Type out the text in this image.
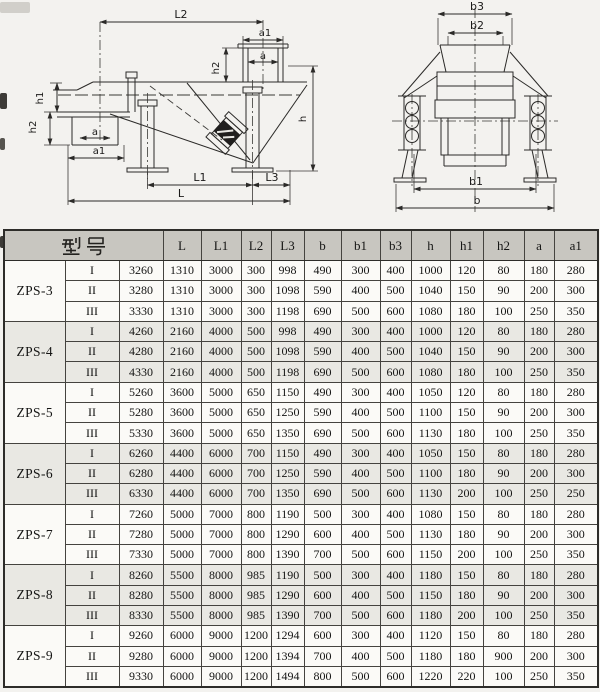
L2
a1
a
h2
h1
h2	a
a1
L1	L3
L
h
b3
b2
b1
b
	L	L1	L2	L3	b	b1	b3	h	h1	h2	a	a1
ZPS-3	I	3260	1310	3000	300	998	490	300	400	1000	120	80	180	280
	II	3280	1310	3000	300	1098	590	400	500	1040	150	90	200	300
	III	3330	1310	3000	300	1198	690	500	600	1080	180	100	250	350
ZPS-4	I	4260	2160	4000	500	998	490	300	400	1000	120	80	180	280
	II	4280	2160	4000	500	1098	590	400	500	1040	150	90	200	300
	III	4330	2160	4000	500	1198	690	500	600	1080	180	100	250	350
ZPS-5	I	5260	3600	5000	650	1150	490	300	400	1050	120	80	180	280
	II	5280	3600	5000	650	1250	590	400	500	1100	150	90	200	300
	III	5330	3600	5000	650	1350	690	500	600	1130	180	100	250	350
ZPS-6	I	6260	4400	6000	700	1150	490	300	400	1050	150	80	180	280
	II	6280	4400	6000	700	1250	590	400	500	1100	180	90	200	300
	III	6330	4400	6000	700	1350	690	500	600	1130	200	100	250	250
ZPS-7	I	7260	5000	7000	800	1190	500	300	400	1080	150	80	180	280
	II	7280	5000	7000	800	1290	600	400	500	1130	180	90	200	300
	III	7330	5000	7000	800	1390	700	500	600	1150	200	100	250	350
ZPS-8	I	8260	5500	8000	985	1190	500	300	400	1180	150	80	180	280
	II	8280	5500	8000	985	1290	600	400	500	1150	180	90	200	300
	III	8330	5500	8000	985	1390	700	500	600	1180	200	100	250	350
ZPS-9	I	9260	6000	9000	1200	1294	600	300	400	1120	150	80	180	280
	II	9280	6000	9000	1200	1394	700	400	500	1180	180	900	200	300
	III	9330	6000	9000	1200	1494	800	500	600	1220	220	100	250	350
